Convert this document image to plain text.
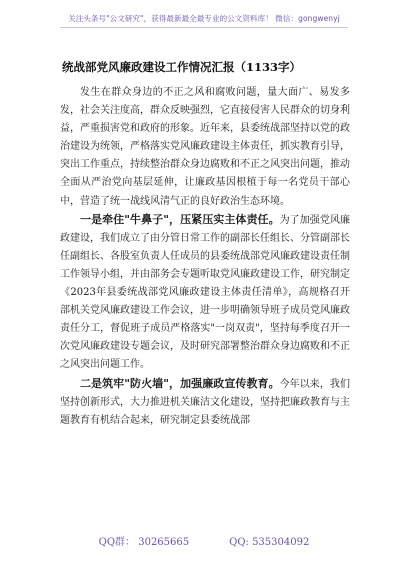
关注头条号"公文研究"，获得最新最全最专业的公文资料库！ 微信：gongwenyj
统战部党风廉政建设工作情况汇报（1133字）

发生在群众身边的不正之风和腐败问题，量大面广、易发多发，社会关注度高，群众反映强烈，它直接侵害人民群众的切身利益，严重损害党和政府的形象。近年来，县委统战部坚持以党的政治建设为统领，严格落实党风廉政建设主体责任，抓实教育引导，突出工作重点，持续整治群众身边腐败和不正之风突出问题，推动全面从严治党向基层延伸，让廉政基因根植于每一名党员干部心中，营造了统一战线风清气正的良好政治生态环境。

一是牵住"牛鼻子"，压紧压实主体责任。为了加强党风廉政建设，我们成立了由分管日常工作的副部长任组长、分管副部长任副组长、各股室负责人任成员的县委统战部党风廉政建设责任制工作领导小组，并由部务会专题听取党风廉政建设工作，研究制定《2023年县委统战部党风廉政建设主体责任清单》，高规格召开部机关党风廉政建设工作会议，进一步明确领导班子成员党风廉政责任分工，督促班子成员严格落实"一岗双责"，坚持每季度召开一次党风廉政建设专题会议，及时研究部署整治群众身边腐败和不正之风突出问题工作。

二是筑牢"防火墙"，加强廉政宣传教育。今年以来，我们坚持创新形式，大力推进机关廉洁文化建设，坚持把廉政教育与主题教育有机结合起来，研究制定县委统战部

QQ群： 30265665	QQ: 535304092
